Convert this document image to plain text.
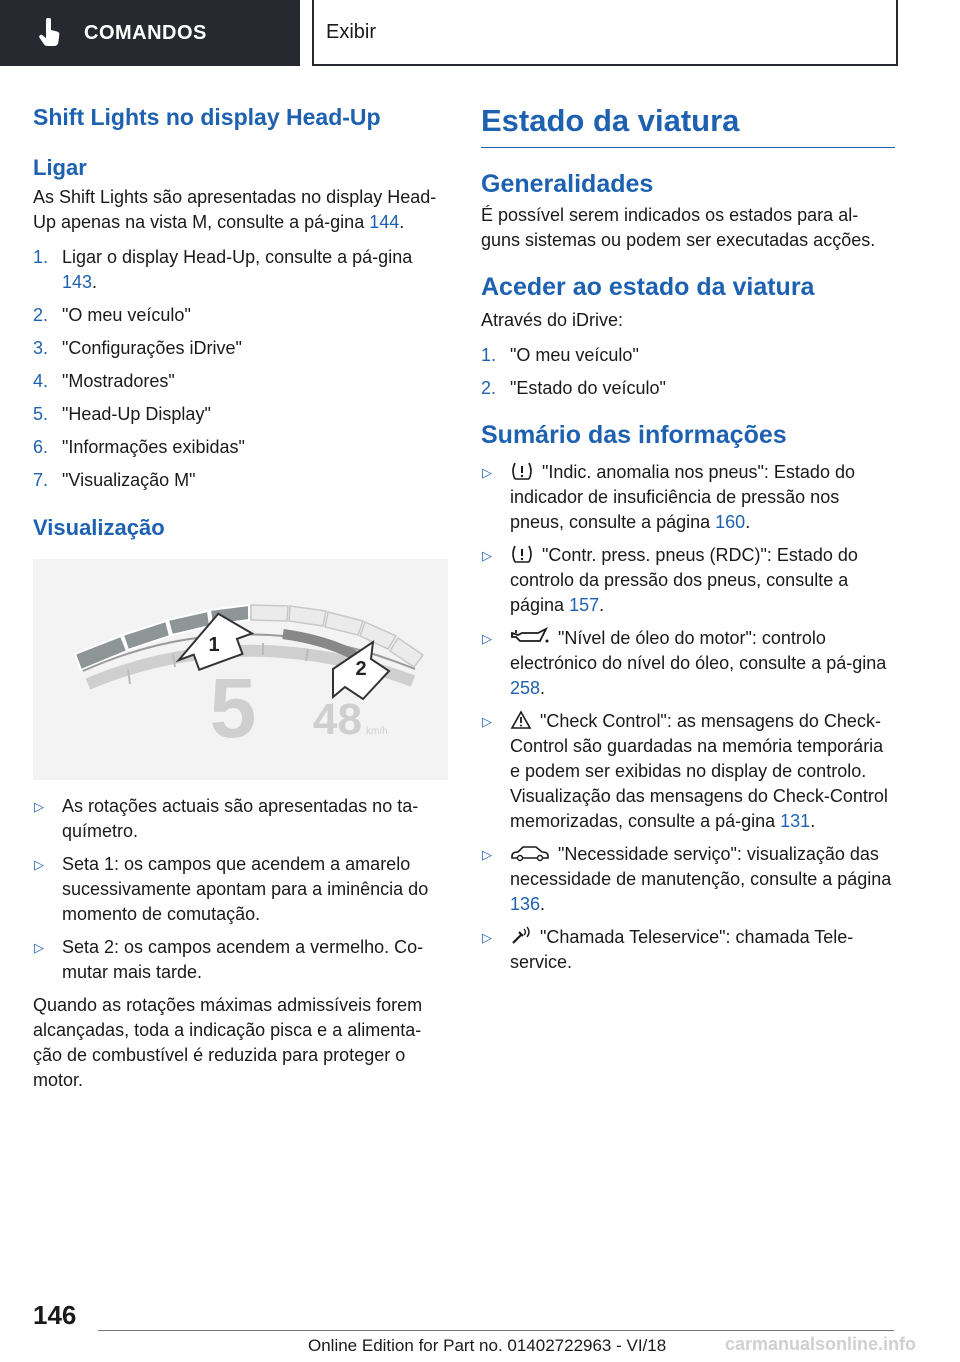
COMANDOS	Exibir
Shift Lights no display Head-Up
Ligar

As Shift Lights são apresentadas no display Head-Up apenas na vista M, consulte a pá-gina 144.

1. Ligar o display Head-Up, consulte a pá-gina 143.
2. "O meu veículo"
3. "Configurações iDrive"
4. "Mostradores"
5. "Head-Up Display"
6. "Informações exibidas"
7. "Visualização M"
Visualização
1
2
5 48 km/h
▷ As rotações actuais são apresentadas no ta-químetro.
▷ Seta 1: os campos que acendem a amarelo sucessivamente apontam para a iminência do momento de comutação.
▷ Seta 2: os campos acendem a vermelho. Co-mutar mais tarde.

Quando as rotações máximas admissíveis forem alcançadas, toda a indicação pisca e a alimenta-ção de combustível é reduzida para proteger o motor.

Estado da viatura
Generalidades

É possível serem indicados os estados para al-guns sistemas ou podem ser executadas acções.

Aceder ao estado da viatura

Através do iDrive:

1. "O meu veículo"
2. "Estado do veículo"
Sumário das informações
▷	"Indic. anomalia nos pneus": Estado do indicador de insuficiência de pressão nos pneus, consulte a página 160.
▷	"Contr. press. pneus (RDC)": Estado do controlo da pressão dos pneus, consulte a página 157.
▷	"Nível de óleo do motor": controlo electrónico do nível do óleo, consulte a pá-gina 258.
▷	"Check Control": as mensagens do Check-Control são guardadas na memória temporária e podem ser exibidas no display de controlo. Visualização das mensagens do Check-Control memorizadas, consulte a pá-gina 131.
▷	"Necessidade serviço": visualização das necessidade de manutenção, consulte a página 136.
▷	"Chamada Teleservice": chamada Tele-service.
146
Online Edition for Part no. 01402722963 - VI/18	carmanualsonline.info
